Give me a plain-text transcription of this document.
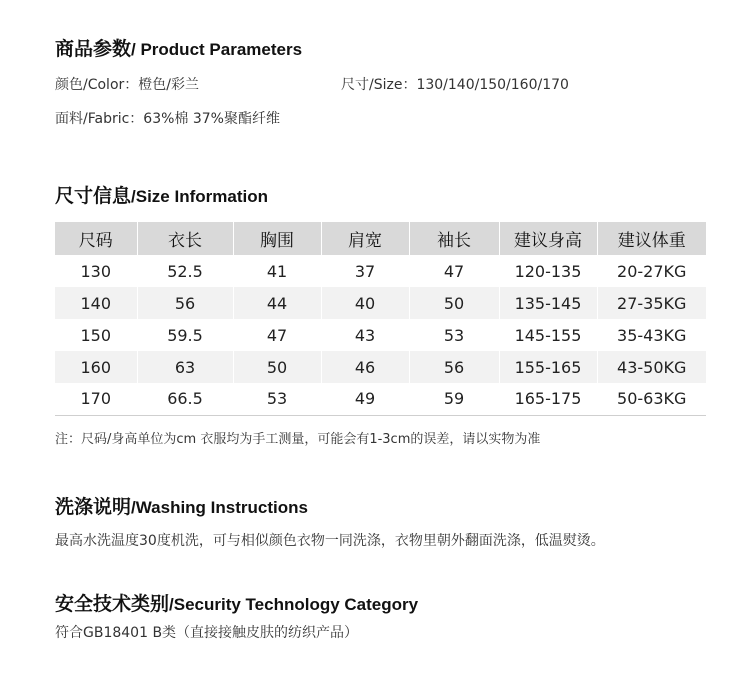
商品参数/ Product Parameters
颜色/Color：橙色/彩兰	尺寸/Size：130/140/150/160/170
面料/Fabric：63%棉 37%聚酯纤维
尺寸信息/Size Information
尺码	衣长	胸围	肩宽	袖长	建议身高	建议体重
130	52.5	41	37	47	120-135	20-27KG
140	56	44	40	50	135-145	27-35KG
150	59.5	47	43	53	145-155	35-43KG
160	63	50	46	56	155-165	43-50KG
170	66.5	53	49	59	165-175	50-63KG
注：尺码/身高单位为cm 衣服均为手工测量，可能会有1-3cm的误差，请以实物为准
洗涤说明/Washing Instructions
最高水洗温度30度机洗，可与相似颜色衣物一同洗涤，衣物里朝外翻面洗涤，低温熨烫。
安全技术类别/Security Technology Category
符合GB18401 B类（直接接触皮肤的纺织产品）
